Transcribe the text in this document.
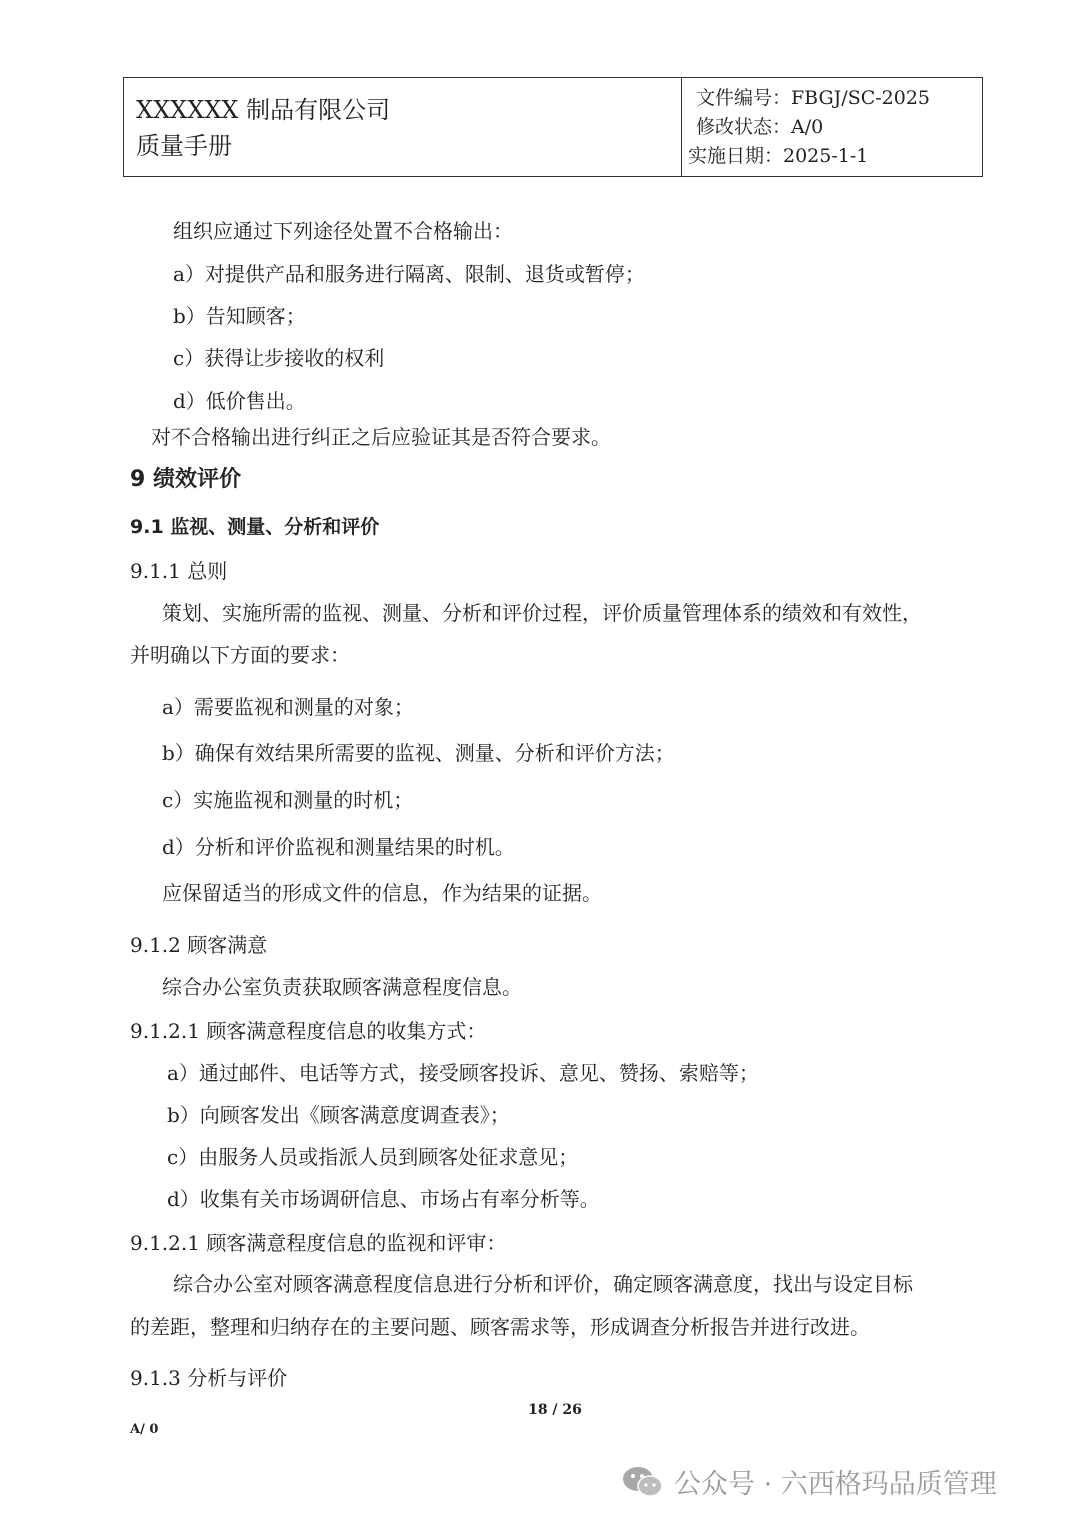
XXXXXX 制品有限公司
质量手册
文件编号：FBGJ/SC-2025
修改状态：A/0
实施日期：2025-1-1
组织应通过下列途径处置不合格输出：
a）对提供产品和服务进行隔离、限制、退货或暂停；
b）告知顾客；
c）获得让步接收的权利
d）低价售出。
对不合格输出进行纠正之后应验证其是否符合要求。
9 绩效评价
9.1 监视、测量、分析和评价
9.1.1 总则
策划、实施所需的监视、测量、分析和评价过程，评价质量管理体系的绩效和有效性，
并明确以下方面的要求：
a）需要监视和测量的对象；
b）确保有效结果所需要的监视、测量、分析和评价方法；
c）实施监视和测量的时机；
d）分析和评价监视和测量结果的时机。
应保留适当的形成文件的信息，作为结果的证据。
9.1.2 顾客满意
综合办公室负责获取顾客满意程度信息。
9.1.2.1 顾客满意程度信息的收集方式：
a）通过邮件、电话等方式，接受顾客投诉、意见、赞扬、索赔等；
b）向顾客发出《顾客满意度调查表》；
c）由服务人员或指派人员到顾客处征求意见；
d）收集有关市场调研信息、市场占有率分析等。
9.1.2.1 顾客满意程度信息的监视和评审：
综合办公室对顾客满意程度信息进行分析和评价，确定顾客满意度，找出与设定目标
的差距，整理和归纳存在的主要问题、顾客需求等，形成调查分析报告并进行改进。
9.1.3 分析与评价
18 / 26
A/ 0
公众号 · 六西格玛品质管理
